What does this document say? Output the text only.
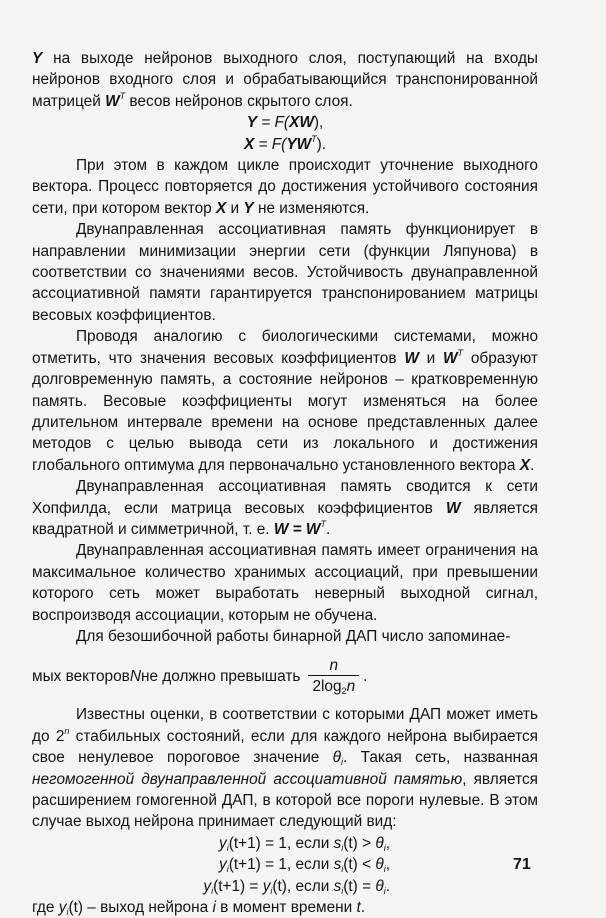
Y на выходе нейронов выходного слоя, поступающий на входы нейронов входного слоя и обрабатывающийся транспонированной матрицей $W^T$ весов нейронов скрытого слоя.

Y = F(XW),

$X = F(YW^T)$.

При этом в каждом цикле происходит уточнение выходного вектора. Процесс повторяется до достижения устойчивого состояния сети, при котором вектор X и Y не изменяются.

Двунаправленная ассоциативная память функционирует в направлении минимизации энергии сети (функции Ляпунова) в соответствии со значениями весов. Устойчивость двунаправленной ассоциативной памяти гарантируется транспонированием матрицы весовых коэффициентов.

Проводя аналогию с биологическими системами, можно отметить, что значения весовых коэффициентов W и $W^T$ образуют долговременную память, а состояние нейронов – кратковременную память. Весовые коэффициенты могут изменяться на более длительном интервале времени на основе представленных далее методов с целью вывода сети из локального и достижения глобального оптимума для первоначально установленного вектора X.

Двунаправленная ассоциативная память сводится к сети Хопфилда, если матрица весовых коэффициентов W является квадратной и симметричной, т. е. $W = W^T$.

Двунаправленная ассоциативная память имеет ограничения на максимальное количество хранимых ассоциаций, при превышении которого сеть может выработать неверный выходной сигнал, воспроизводя ассоциации, которым не обучена.

Для безошибочной работы бинарной ДАП число запоминае-

мых векторов N не должно превышать $\frac{n}{2\log_2n}$ .

Известны оценки, в соответствии с которыми ДАП может иметь до 2$^n$ стабильных состояний, если для каждого нейрона выбирается свое ненулевое пороговое значение $\theta_i$. Такая сеть, названная негомогенной двунаправленной ассоциативной памятью, является расширением гомогенной ДАП, в которой все пороги нулевые. В этом случае выход нейрона принимает следующий вид:

$y_i(t+1) = 1$, если $s_i(t) > \theta_i$,
$y_i(t+1) = 1$, если $s_i(t) < \theta_i$,
$y_i(t+1) = y_i(t)$, если $s_i(t) = \theta_i$.

где $y_i(t)$ – выход нейрона i в момент времени t.

71
